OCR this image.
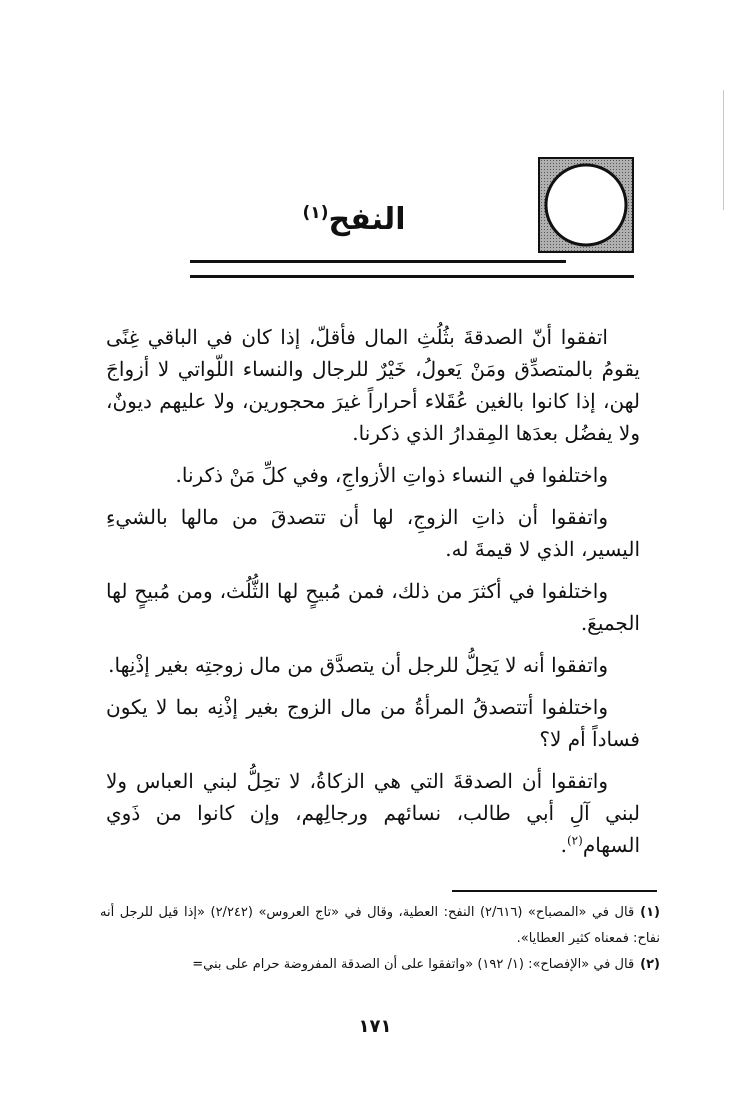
النفح$^{(١)}$

اتفقوا أنّ الصدقةَ بثُلُثِ المال فأقلّ، إذا كان في الباقي غِنًى يقومُ بالمتصدِّق ومَنْ يَعولُ، خَيْرٌ للرجال والنساء اللّواتي لا أزواجَ لهن، إذا كانوا بالغين عُقَلاء أحراراً غيرَ محجورين، ولا عليهم ديونٌ، ولا يفضُل بعدَها المِقدارُ الذي ذكرنا.

واختلفوا في النساء ذواتِ الأزواجِ، وفي كلِّ مَنْ ذكرنا.

واتفقوا أن ذاتِ الزوجِ، لها أن تتصدقَ من مالها بالشيءِ اليسير، الذي لا قيمةَ له.

واختلفوا في أكثرَ من ذلك، فمن مُبيحٍ لها الثُّلُث، ومن مُبيحٍ لها الجميعَ.

واتفقوا أنه لا يَحِلُّ للرجل أن يتصدَّق من مال زوجتِه بغير إذْنِها.

واختلفوا أتتصدقُ المرأةُ من مال الزوج بغير إذْنِه بما لا يكون فساداً أم لا؟

واتفقوا أن الصدقةَ التي هي الزكاةُ، لا تحِلُّ لبني العباس ولا لبني آلِ أبي طالب، نسائهم ورجالِهم، وإن كانوا من ذَوي السهام$^{(٢)}$.

(١)قال في «المصباح» (٢/٦١٦) النفح: العطية، وقال في «تاج العروس» (٢/٢٤٢) «إذا قيل للرجل أنه نفاح: فمعناه كثير العطايا».

(٢)قال في «الإفصاح»: (١/ ١٩٢) «واتفقوا على أن الصدقة المفروضة حرام على بني=

١٧١
